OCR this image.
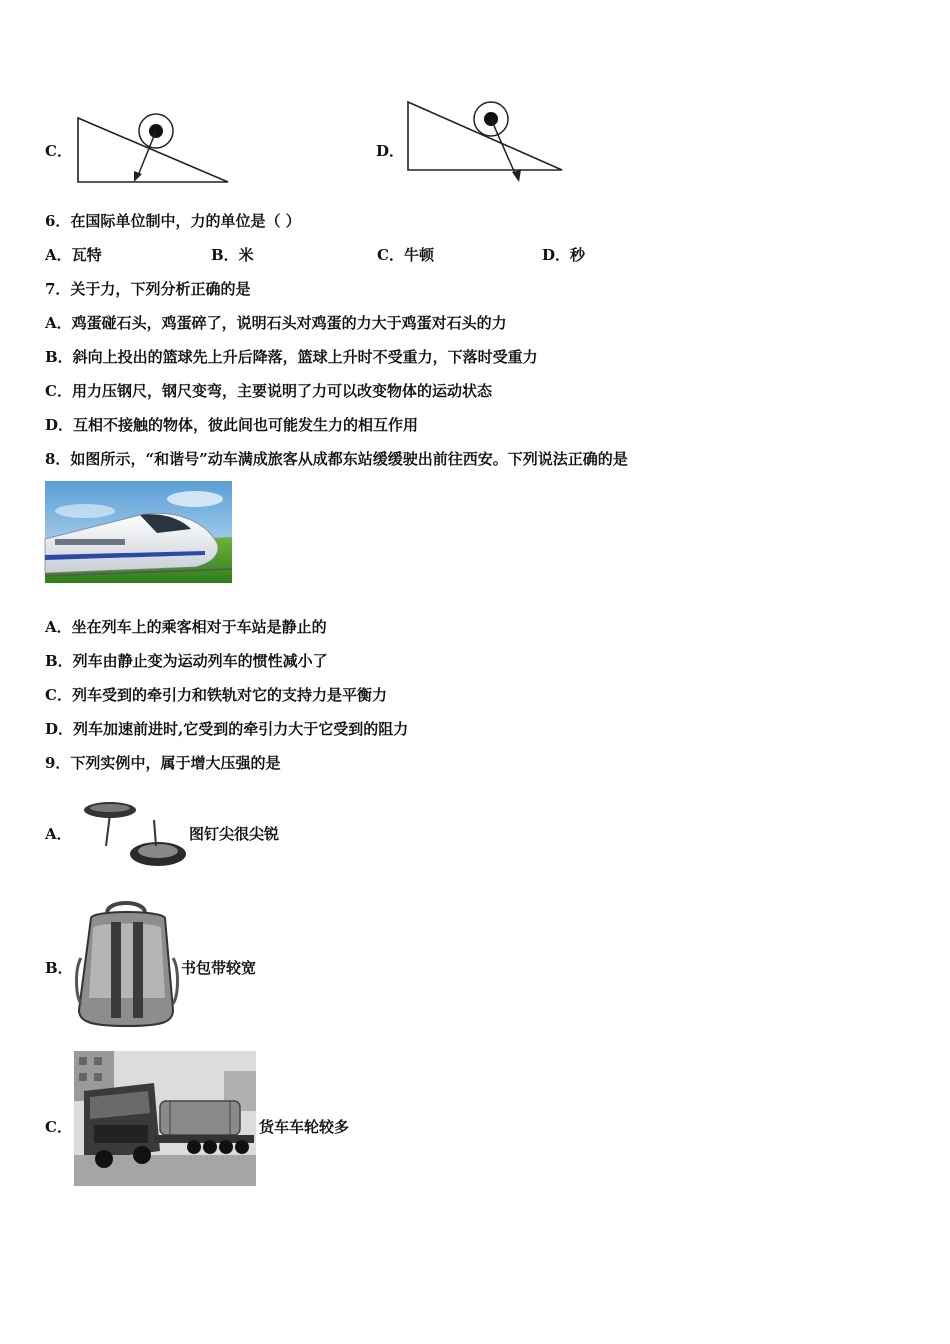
C．	D．
6．在国际单位制中，力的单位是（ ）
A．瓦特	B．米	C．牛顿	D．秒
7．关于力，下列分析正确的是
A．鸡蛋碰石头，鸡蛋碎了，说明石头对鸡蛋的力大于鸡蛋对石头的力
B．斜向上投出的篮球先上升后降落，篮球上升时不受重力，下落时受重力
C．用力压钢尺，钢尺变弯，主要说明了力可以改变物体的运动状态
D．互相不接触的物体，彼此间也可能发生力的相互作用
8．如图所示，“和谐号”动车满成旅客从成都东站缓缓驶出前往西安。下列说法正确的是
A．坐在列车上的乘客相对于车站是静止的
B．列车由静止变为运动列车的惯性减小了
C．列车受到的牵引力和铁轨对它的支持力是平衡力
D．列车加速前进时,它受到的牵引力大于它受到的阻力
9．下列实例中，属于增大压强的是
A．	图钉尖很尖锐
B．	书包带较宽
C．	货车车轮较多
